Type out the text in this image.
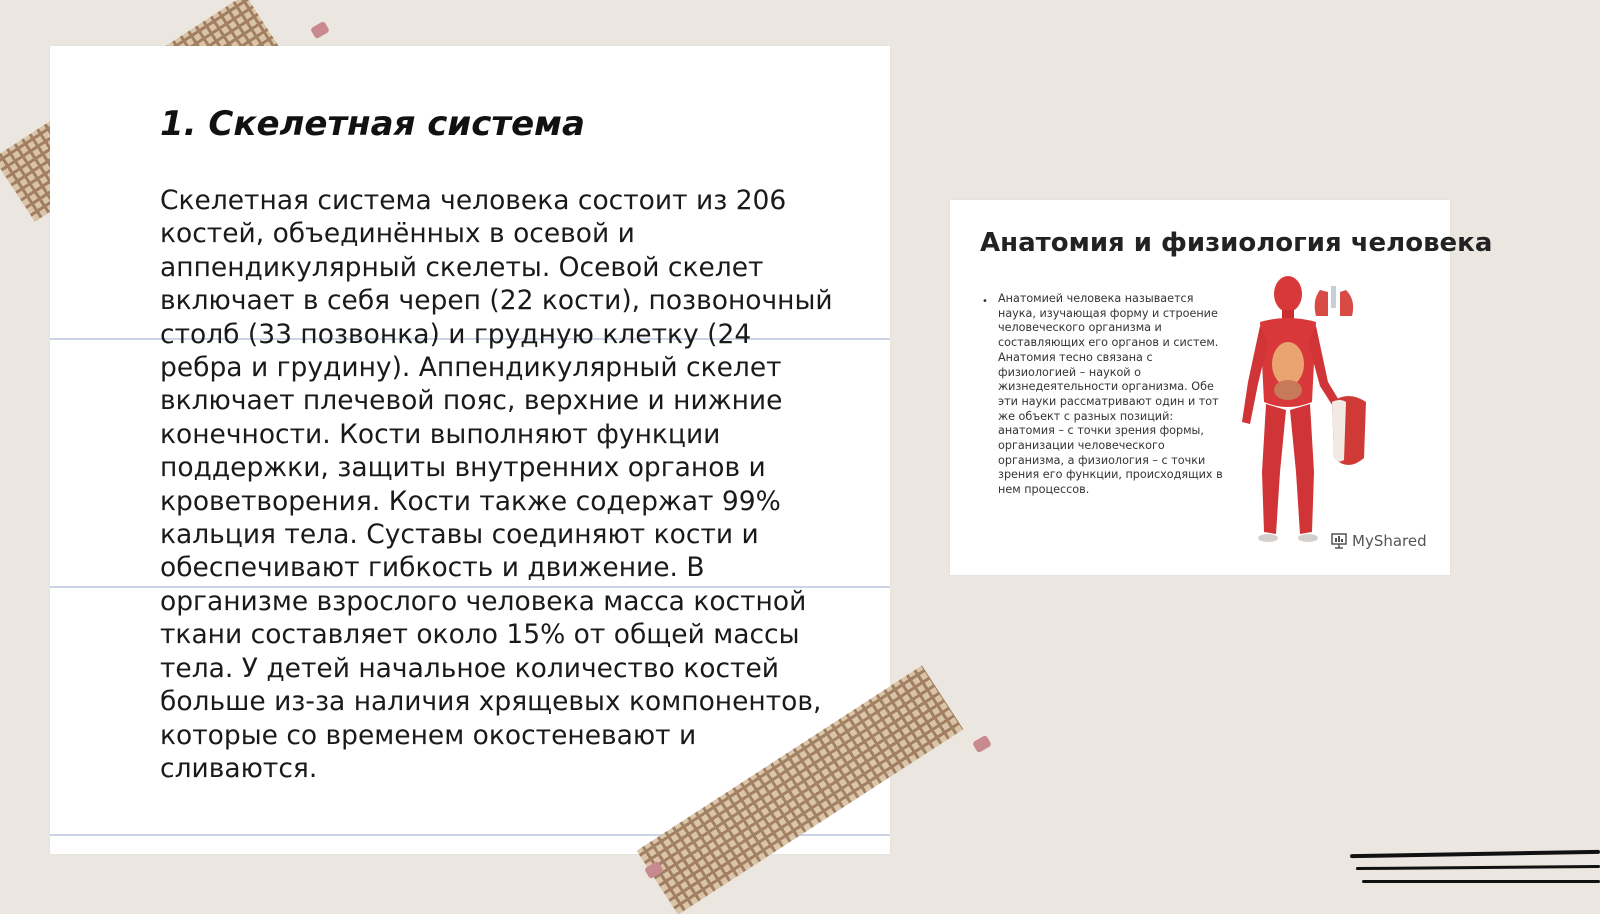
1. Скелетная система

Скелетная система человека состоит из 206 костей, объединённых в осевой и аппендикулярный скелеты. Осевой скелет включает в себя череп (22 кости), позвоночный столб (33 позвонка) и грудную клетку (24 ребра и грудину). Аппендикулярный скелет включает плечевой пояс, верхние и нижние конечности. Кости выполняют функции поддержки, защиты внутренних органов и кроветворения. Кости также содержат 99% кальция тела. Суставы соединяют кости и обеспечивают гибкость и движение. В организме взрослого человека масса костной ткани составляет около 15% от общей массы тела. У детей начальное количество костей больше из-за наличия хрящевых компонентов, которые со временем окостеневают и сливаются.

Анатомия и физиология человека
• Анатомией человека называется наука, изучающая форму и строение человеческого организма и составляющих его органов и систем. Анатомия тесно связана с физиологией – наукой о жизнедеятельности организма. Обе эти науки рассматривают один и тот же объект с разных позиций: анатомия – с точки зрения формы, организации человеческого организма, а физиология – с точки зрения его функции, происходящих в нем процессов.

MyShared
